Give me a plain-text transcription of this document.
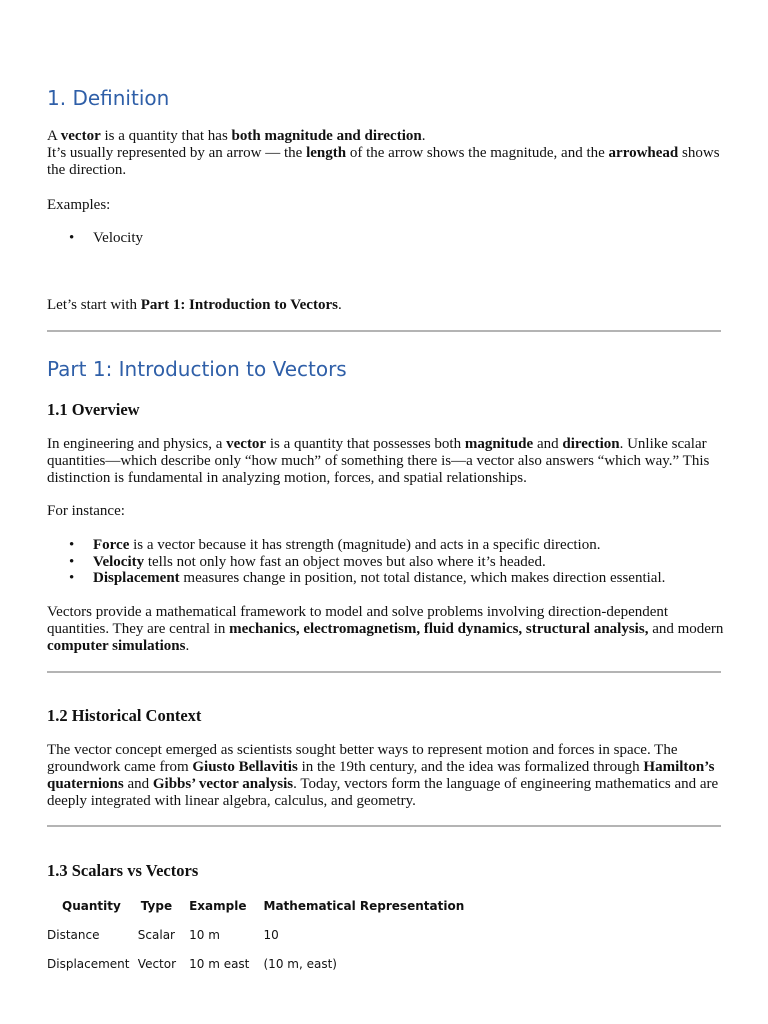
1. Definition

A vector is a quantity that has both magnitude and direction.
It’s usually represented by an arrow — the length of the arrow shows the magnitude, and the arrowhead shows the direction.

Examples:

• Velocity

Let’s start with Part 1: Introduction to Vectors.

Part 1: Introduction to Vectors
1.1 Overview

In engineering and physics, a vector is a quantity that possesses both magnitude and direction. Unlike scalar quantities—which describe only “how much” of something there is—a vector also answers “which way.” This distinction is fundamental in analyzing motion, forces, and spatial relationships.

For instance:

• Force is a vector because it has strength (magnitude) and acts in a specific direction.
• Velocity tells not only how fast an object moves but also where it’s headed.
• Displacement measures change in position, not total distance, which makes direction essential.

Vectors provide a mathematical framework to model and solve problems involving direction-dependent quantities. They are central in mechanics, electromagnetism, fluid dynamics, structural analysis, and modern computer simulations.

1.2 Historical Context

The vector concept emerged as scientists sought better ways to represent motion and forces in space. The groundwork came from Giusto Bellavitis in the 19th century, and the idea was formalized through Hamilton’s quaternions and Gibbs’ vector analysis. Today, vectors form the language of engineering mathematics and are deeply integrated with linear algebra, calculus, and geometry.

1.3 Scalars vs Vectors
Quantity	Type	Example	Mathematical Representation
Distance	Scalar	10 m	10
Displacement	Vector	10 m east	(10 m, east)
